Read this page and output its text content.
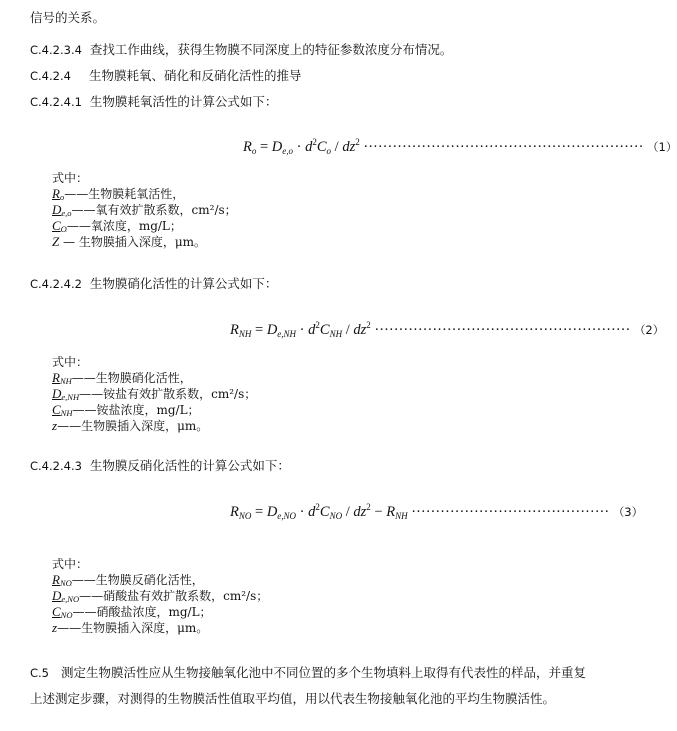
信号的关系。
C.4.2.3.4 查找工作曲线，获得生物膜不同深度上的特征参数浓度分布情况。
C.4.2.4 生物膜耗氧、硝化和反硝化活性的推导
C.4.2.4.1 生物膜耗氧活性的计算公式如下：
$R_o = D_{e,o} \cdot d^2C_o / dz^2$ ·························································· （1）
式中：
$R_o——$生物膜耗氧活性，
$D_{e,o}——$氧有效扩散系数，cm²/s；
$C_O——$氧浓度，mg/L；
Z — 生物膜插入深度，μm。
C.4.2.4.2 生物膜硝化活性的计算公式如下：
$R_{NH} = D_{e,NH} \cdot d^2C_{NH} / dz^2$ ····················································· （2）
式中：
$R_{NH}——$生物膜硝化活性，
$D_{e,NH}——$铵盐有效扩散系数，cm²/s；
$C_{NH}——$铵盐浓度，mg/L；
z——生物膜插入深度，μm。
C.4.2.4.3 生物膜反硝化活性的计算公式如下：
$R_{NO} = D_{e,NO} \cdot d^2C_{NO} / dz^2 - R_{NH}$ ········································· （3）
式中：
$R_{NO}——$生物膜反硝化活性，
$D_{e,NO}——$硝酸盐有效扩散系数，cm²/s；
$C_{NO}——$硝酸盐浓度，mg/L；
z——生物膜插入深度，μm。
C.5 测定生物膜活性应从生物接触氧化池中不同位置的多个生物填料上取得有代表性的样品，并重复上述测定步骤，对测得的生物膜活性值取平均值，用以代表生物接触氧化池的平均生物膜活性。
